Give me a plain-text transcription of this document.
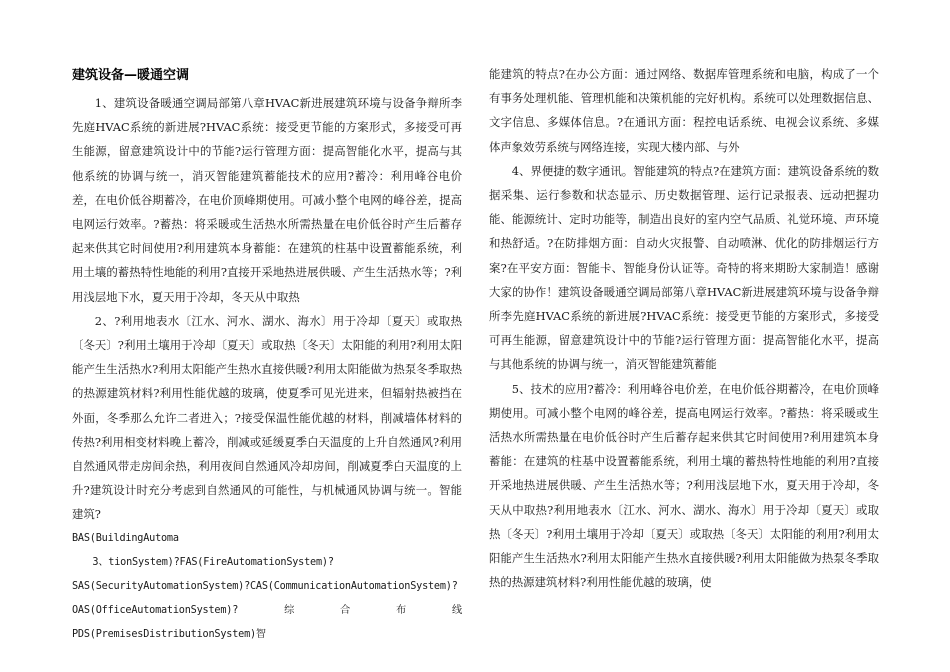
建筑设备—暖通空调

1、建筑设备暖通空调局部第八章HVAC新进展建筑环境与设备争辩所李先庭HVAC系统的新进展?HVAC系统：接受更节能的方案形式，多接受可再生能源，留意建筑设计中的节能?运行管理方面：提高智能化水平，提高与其他系统的协调与统一，消灭智能建筑蓄能技术的应用?蓄冷：利用峰谷电价差，在电价低谷期蓄冷，在电价顶峰期使用。可减小整个电网的峰谷差，提高电网运行效率。?蓄热：将采暖或生活热水所需热量在电价低谷时产生后蓄存起来供其它时间使用?利用建筑本身蓄能：在建筑的柱基中设置蓄能系统，利用土壤的蓄热特性地能的利用?直接开采地热进展供暖、产生生活热水等；?利用浅层地下水，夏天用于冷却，冬天从中取热

2、?利用地表水〔江水、河水、湖水、海水〕用于冷却〔夏天〕或取热〔冬天〕?利用土壤用于冷却〔夏天〕或取热〔冬天〕太阳能的利用?利用太阳能产生生活热水?利用太阳能产生热水直接供暖?利用太阳能做为热泵冬季取热的热源建筑材料?利用性能优越的玻璃，使夏季可见光进来，但辐射热被挡在外面，冬季那么允许二者进入；?接受保温性能优越的材料，削减墙体材料的传热?利用相变材料晚上蓄冷，削减或延缓夏季白天温度的上升自然通风?利用自然通风带走房间余热，利用夜间自然通风冷却房间，削减夏季白天温度的上升?建筑设计时充分考虑到自然通风的可能性，与机械通风协调与统一。智能建筑?

BAS(BuildingAutoma

3、tionSystem)?FAS(FireAutomationSystem)?

SAS(SecurityAutomationSystem)?CAS(CommunicationAutomationSystem)?

OAS(OfficeAutomationSystem)?综合布线PDS(PremisesDistributionSystem)智

能建筑的特点?在办公方面：通过网络、数据库管理系统和电脑，构成了一个有事务处理机能、管理机能和决策机能的完好机构。系统可以处理数据信息、文字信息、多媒体信息。?在通讯方面：程控电话系统、电视会议系统、多媒体声象效劳系统与网络连接，实现大楼内部、与外

4、界便捷的数字通讯。智能建筑的特点?在建筑方面：建筑设备系统的数据采集、运行参数和状态显示、历史数据管理、运行记录报表、远动把握功能、能源统计、定时功能等，制造出良好的室内空气品质、礼觉环境、声环境和热舒适。?在防排烟方面：自动火灾报警、自动喷淋、优化的防排烟运行方案?在平安方面：智能卡、智能身份认证等。奇特的将来期盼大家制造！感谢大家的协作！建筑设备暖通空调局部第八章HVAC新进展建筑环境与设备争辩所李先庭HVAC系统的新进展?HVAC系统：接受更节能的方案形式，多接受可再生能源，留意建筑设计中的节能?运行管理方面：提高智能化水平，提高与其他系统的协调与统一，消灭智能建筑蓄能

5、技术的应用?蓄冷：利用峰谷电价差，在电价低谷期蓄冷，在电价顶峰期使用。可减小整个电网的峰谷差，提高电网运行效率。?蓄热：将采暖或生活热水所需热量在电价低谷时产生后蓄存起来供其它时间使用?利用建筑本身蓄能：在建筑的柱基中设置蓄能系统，利用土壤的蓄热特性地能的利用?直接开采地热进展供暖、产生生活热水等；?利用浅层地下水，夏天用于冷却，冬天从中取热?利用地表水〔江水、河水、湖水、海水〕用于冷却〔夏天〕或取热〔冬天〕?利用土壤用于冷却〔夏天〕或取热〔冬天〕太阳能的利用?利用太阳能产生生活热水?利用太阳能产生热水直接供暖?利用太阳能做为热泵冬季取热的热源建筑材料?利用性能优越的玻璃，使
